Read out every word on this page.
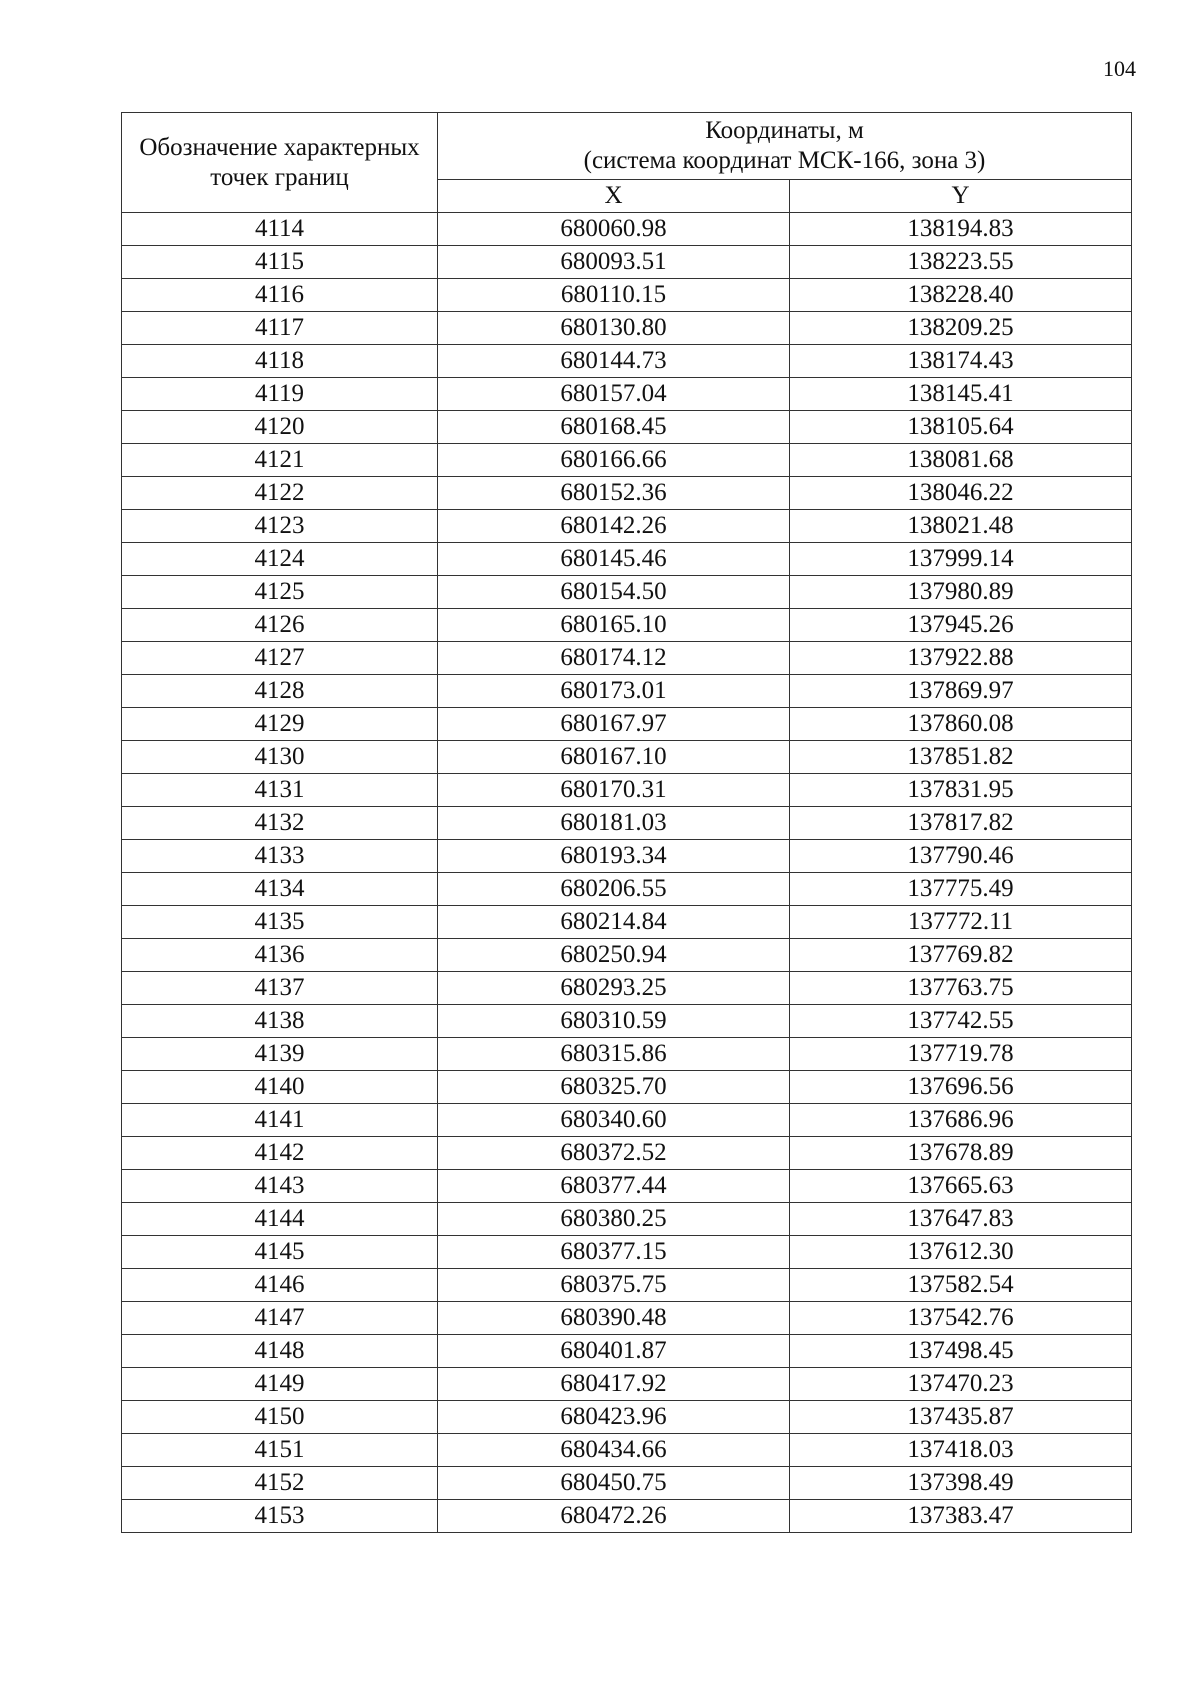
104
Обозначение характерных точек границ	Координаты, м
(система координат МСК-166, зона 3)	

	X	Y
4114	680060.98	138194.83
4115	680093.51	138223.55
4116	680110.15	138228.40
4117	680130.80	138209.25
4118	680144.73	138174.43
4119	680157.04	138145.41
4120	680168.45	138105.64
4121	680166.66	138081.68
4122	680152.36	138046.22
4123	680142.26	138021.48
4124	680145.46	137999.14
4125	680154.50	137980.89
4126	680165.10	137945.26
4127	680174.12	137922.88
4128	680173.01	137869.97
4129	680167.97	137860.08
4130	680167.10	137851.82
4131	680170.31	137831.95
4132	680181.03	137817.82
4133	680193.34	137790.46
4134	680206.55	137775.49
4135	680214.84	137772.11
4136	680250.94	137769.82
4137	680293.25	137763.75
4138	680310.59	137742.55
4139	680315.86	137719.78
4140	680325.70	137696.56
4141	680340.60	137686.96
4142	680372.52	137678.89
4143	680377.44	137665.63
4144	680380.25	137647.83
4145	680377.15	137612.30
4146	680375.75	137582.54
4147	680390.48	137542.76
4148	680401.87	137498.45
4149	680417.92	137470.23
4150	680423.96	137435.87
4151	680434.66	137418.03
4152	680450.75	137398.49
4153	680472.26	137383.47
